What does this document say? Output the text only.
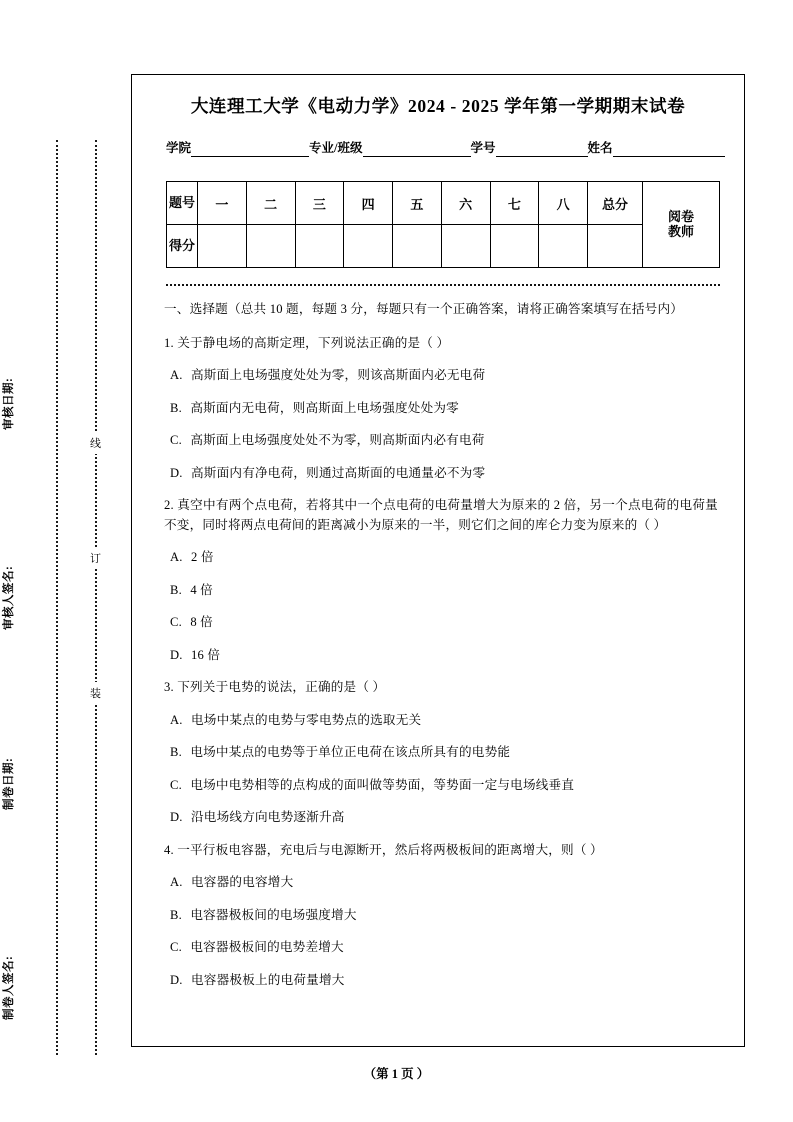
线
订
装
审核日期:
审核人签名:
制卷日期:
制卷人签名:
大连理工大学《电动力学》2024 - 2025 学年第一学期期末试卷
学院	专业/班级	学号	姓名
题号	一	二	三	四	五	六	七	八	总分	阅卷
教师

得分										

一、选择题（总共 10 题，每题 3 分，每题只有一个正确答案，请将正确答案填写在括号内）
1. 关于静电场的高斯定理，下列说法正确的是（ ）
A. 高斯面上电场强度处处为零，则该高斯面内必无电荷
B. 高斯面内无电荷，则高斯面上电场强度处处为零
C. 高斯面上电场强度处处不为零，则高斯面内必有电荷
D. 高斯面内有净电荷，则通过高斯面的电通量必不为零
2. 真空中有两个点电荷，若将其中一个点电荷的电荷量增大为原来的 2 倍，另一个点电荷的电荷量不变，同时将两点电荷间的距离减小为原来的一半，则它们之间的库仑力变为原来的（ ）
A. 2 倍
B. 4 倍
C. 8 倍
D. 16 倍
3. 下列关于电势的说法，正确的是（ ）
A. 电场中某点的电势与零电势点的选取无关
B. 电场中某点的电势等于单位正电荷在该点所具有的电势能
C. 电场中电势相等的点构成的面叫做等势面，等势面一定与电场线垂直
D. 沿电场线方向电势逐渐升高
4. 一平行板电容器，充电后与电源断开，然后将两极板间的距离增大，则（ ）
A. 电容器的电容增大
B. 电容器极板间的电场强度增大
C. 电容器极板间的电势差增大
D. 电容器极板上的电荷量增大
（第 1 页 ）
